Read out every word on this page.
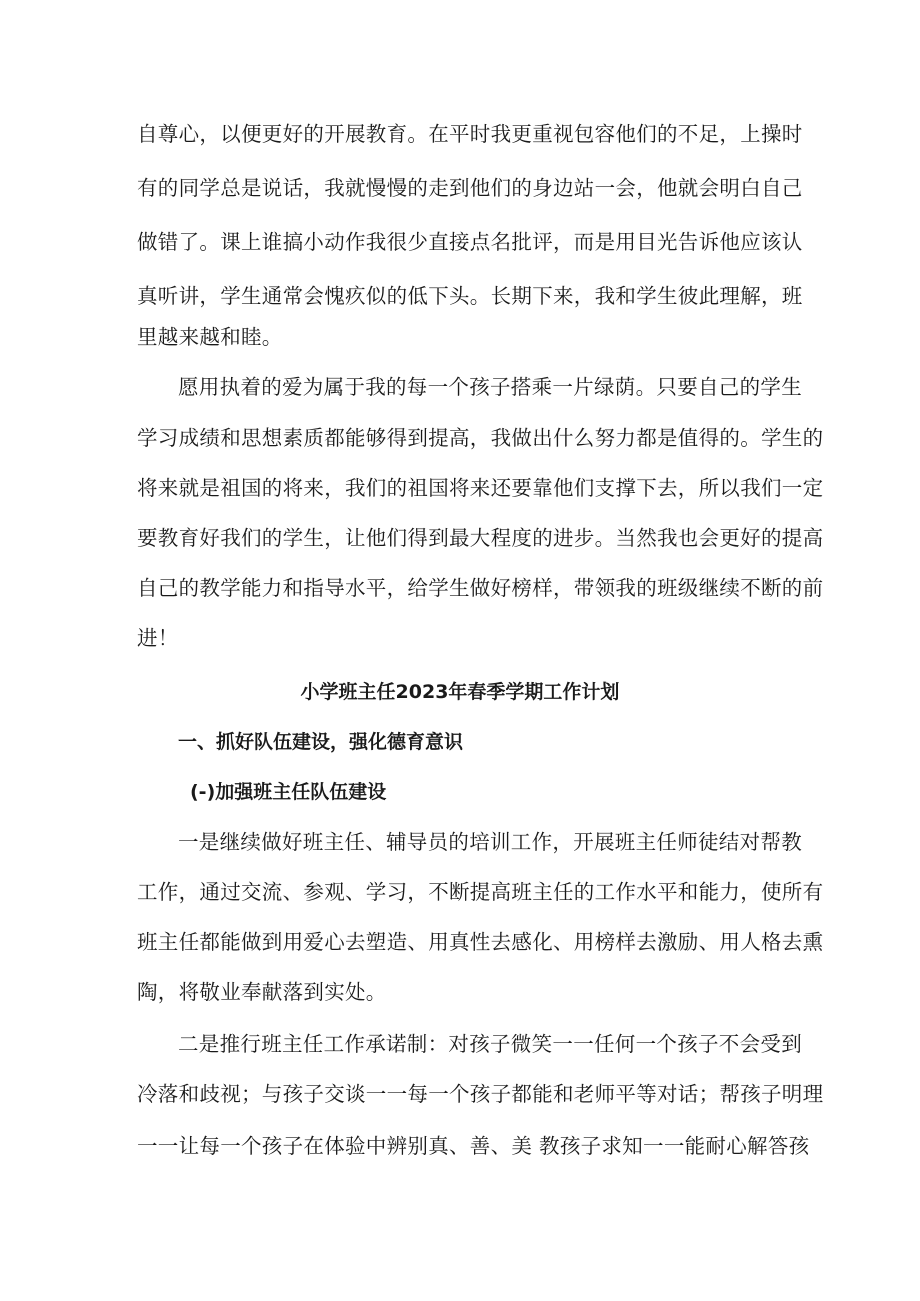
自尊心，以便更好的开展教育。在平时我更重视包容他们的不足，上操时
有的同学总是说话，我就慢慢的走到他们的身边站一会，他就会明白自己
做错了。课上谁搞小动作我很少直接点名批评，而是用目光告诉他应该认
真听讲，学生通常会愧疚似的低下头。长期下来，我和学生彼此理解，班
里越来越和睦。
愿用执着的爱为属于我的每一个孩子搭乘一片绿荫。只要自己的学生
学习成绩和思想素质都能够得到提高，我做出什么努力都是值得的。学生的
将来就是祖国的将来，我们的祖国将来还要靠他们支撑下去，所以我们一定
要教育好我们的学生，让他们得到最大程度的进步。当然我也会更好的提高
自己的教学能力和指导水平，给学生做好榜样，带领我的班级继续不断的前
进！
小学班主任2023年春季学期工作计划
一、抓好队伍建设，强化德育意识
(-)加强班主任队伍建设
一是继续做好班主任、辅导员的培训工作，开展班主任师徒结对帮教
工作，通过交流、参观、学习，不断提高班主任的工作水平和能力，使所有
班主任都能做到用爱心去塑造、用真性去感化、用榜样去激励、用人格去熏
陶，将敬业奉献落到实处。
二是推行班主任工作承诺制：对孩子微笑一一任何一个孩子不会受到
冷落和歧视；与孩子交谈一一每一个孩子都能和老师平等对话；帮孩子明理
一一让每一个孩子在体验中辨别真、善、美 教孩子求知一一能耐心解答孩
